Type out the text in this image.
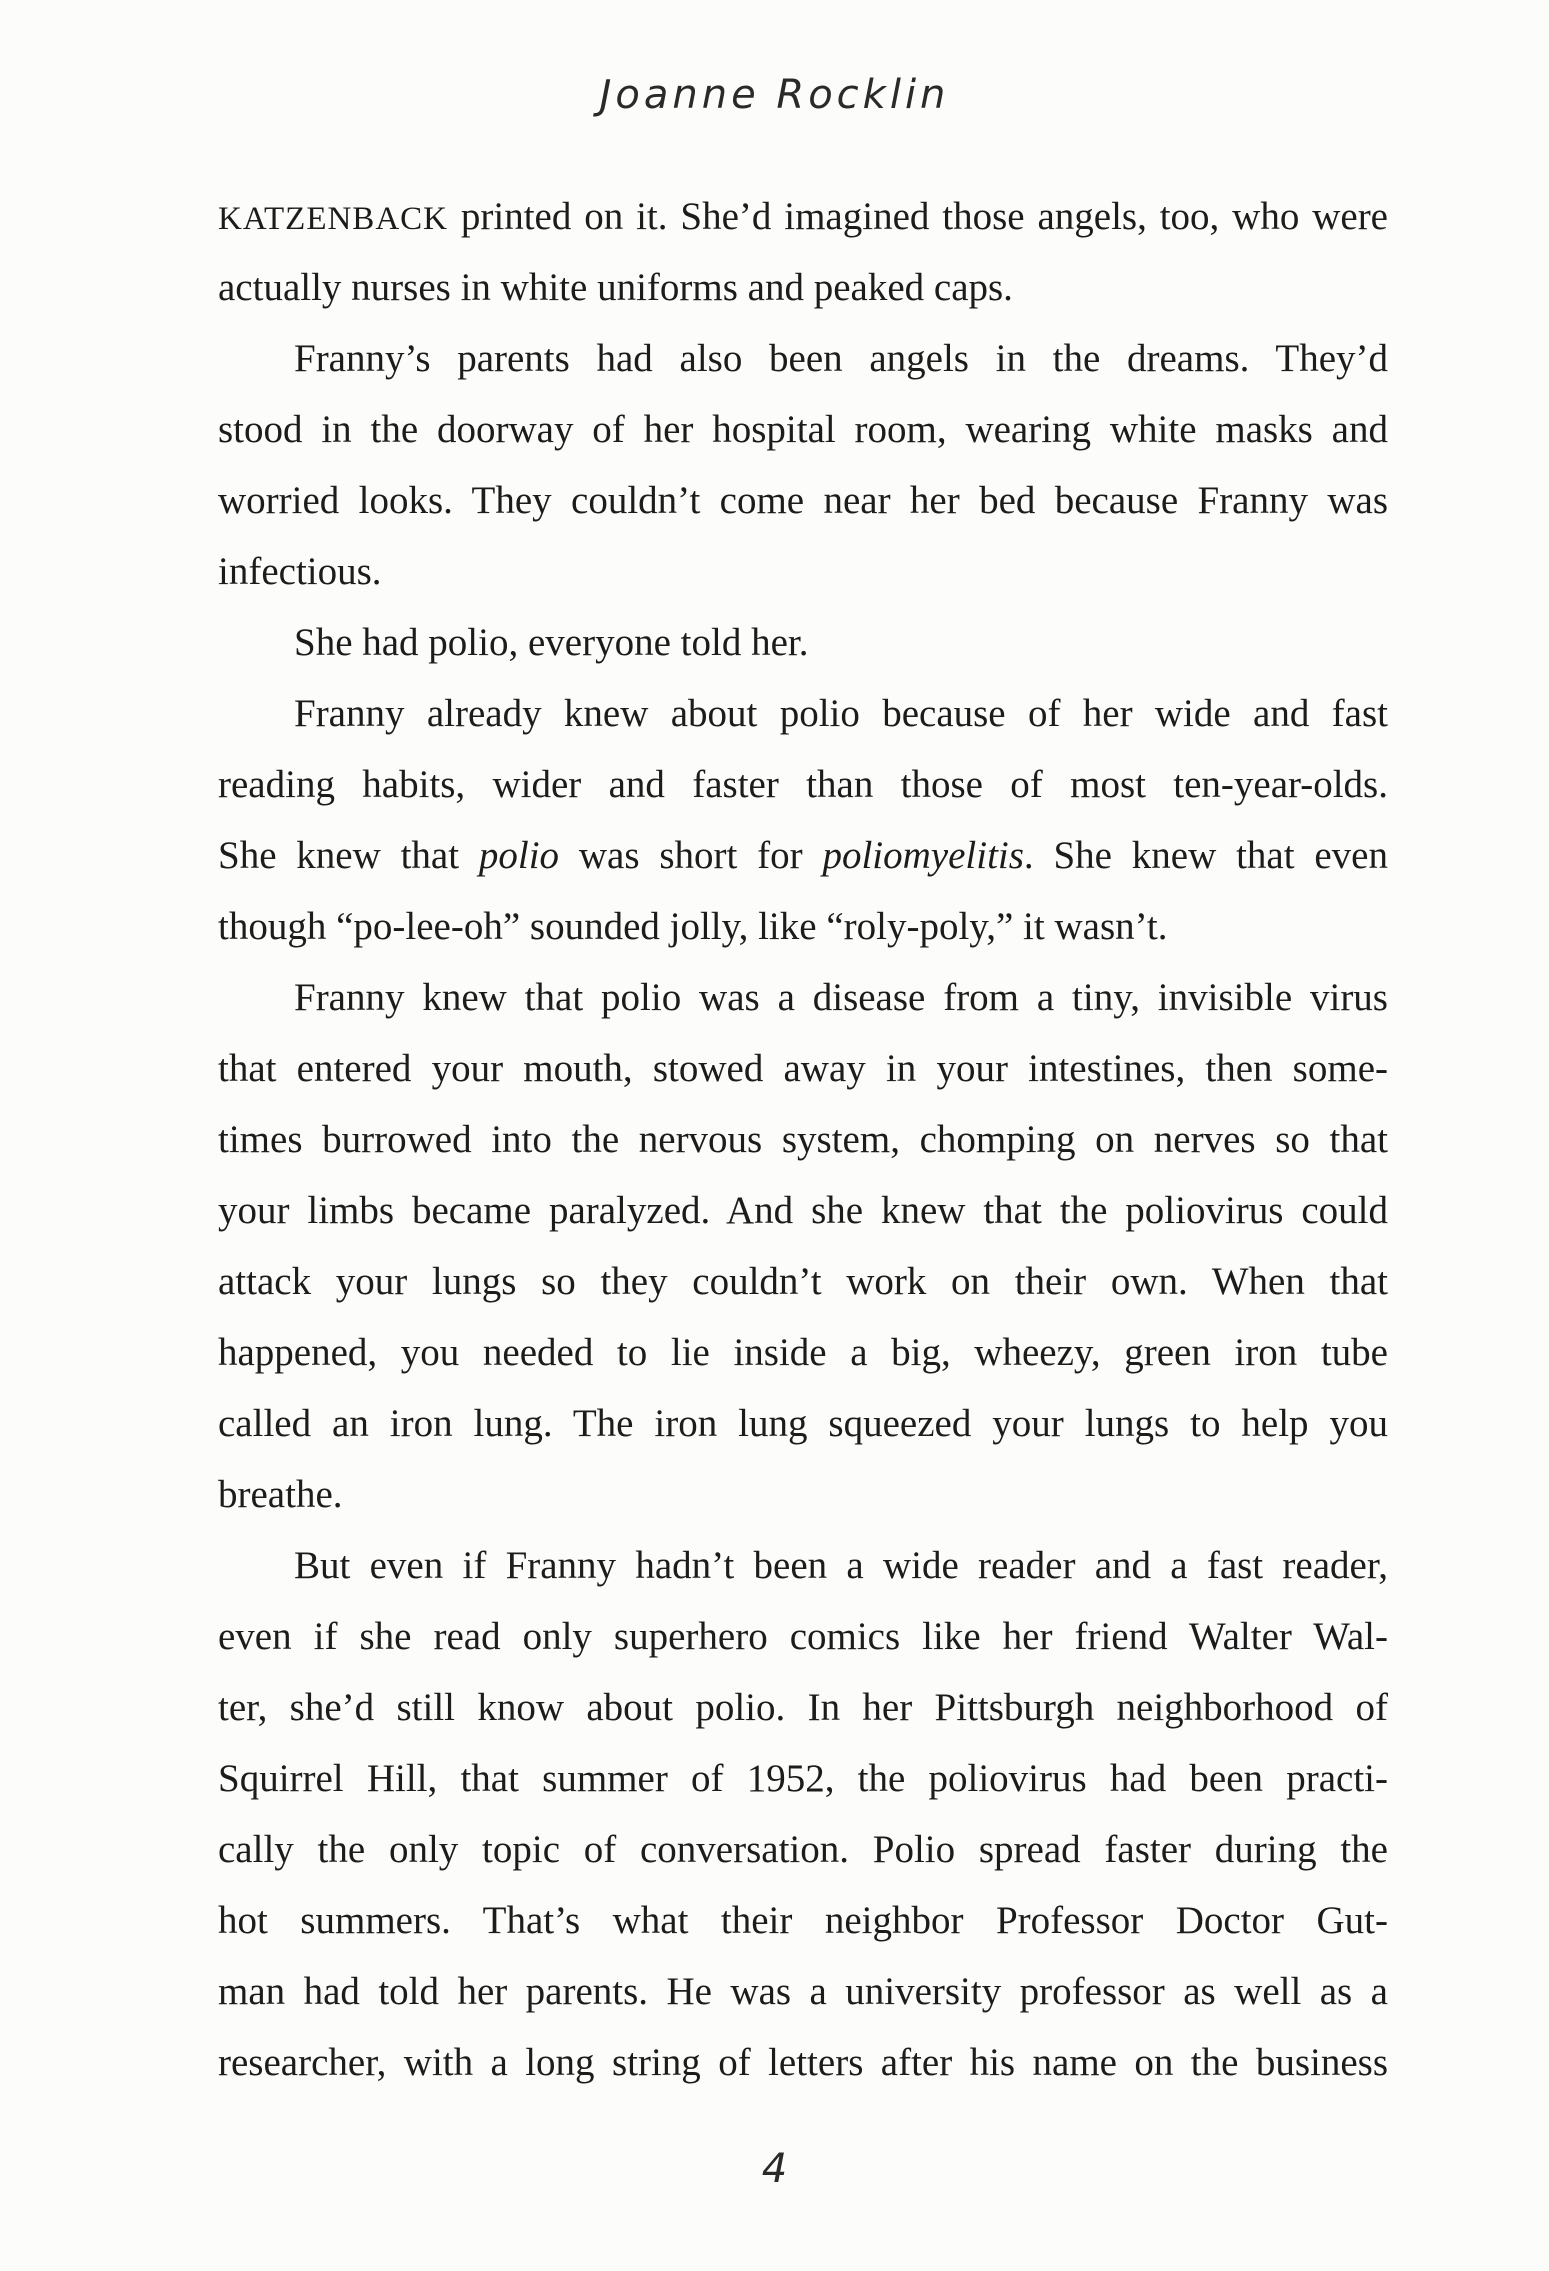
Joanne Rocklin
KATZENBACK printed on it. She’d imagined those angels, too, who were
actually nurses in white uniforms and peaked caps.
Franny’s parents had also been angels in the dreams. They’d
stood in the doorway of her hospital room, wearing white masks and
worried looks. They couldn’t come near her bed because Franny was
infectious.
She had polio, everyone told her.
Franny already knew about polio because of her wide and fast
reading habits, wider and faster than those of most ten-year-olds.
She knew that polio was short for poliomyelitis. She knew that even
though “po-lee-oh” sounded jolly, like “roly-poly,” it wasn’t.
Franny knew that polio was a disease from a tiny, invisible virus
that entered your mouth, stowed away in your intestines, then some-
times burrowed into the nervous system, chomping on nerves so that
your limbs became paralyzed. And she knew that the poliovirus could
attack your lungs so they couldn’t work on their own. When that
happened, you needed to lie inside a big, wheezy, green iron tube
called an iron lung. The iron lung squeezed your lungs to help you
breathe.
But even if Franny hadn’t been a wide reader and a fast reader,
even if she read only superhero comics like her friend Walter Wal-
ter, she’d still know about polio. In her Pittsburgh neighborhood of
Squirrel Hill, that summer of 1952, the poliovirus had been practi-
cally the only topic of conversation. Polio spread faster during the
hot summers. That’s what their neighbor Professor Doctor Gut-
man had told her parents. He was a university professor as well as a
researcher, with a long string of letters after his name on the business
4
